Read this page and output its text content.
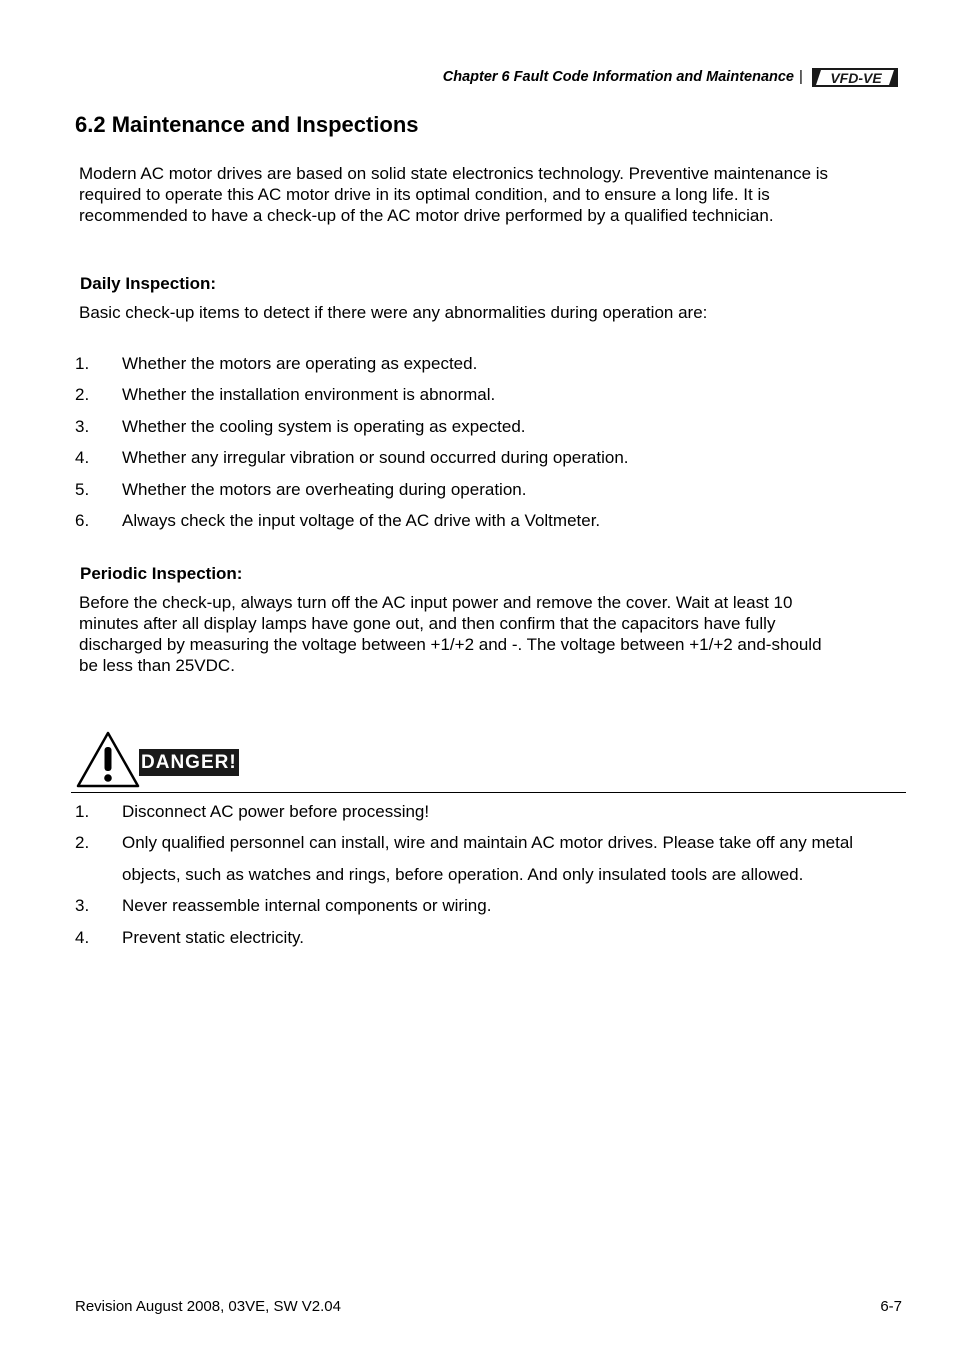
Chapter 6 Fault Code Information and Maintenance | VFD-VE
6.2 Maintenance and Inspections

Modern AC motor drives are based on solid state electronics technology. Preventive maintenance is
required to operate this AC motor drive in its optimal condition, and to ensure a long life. It is
recommended to have a check-up of the AC motor drive performed by a qualified technician.

Daily Inspection:

Basic check-up items to detect if there were any abnormalities during operation are:

1. Whether the motors are operating as expected.
2. Whether the installation environment is abnormal.
3. Whether the cooling system is operating as expected.
4. Whether any irregular vibration or sound occurred during operation.
5. Whether the motors are overheating during operation.
6. Always check the input voltage of the AC drive with a Voltmeter.
Periodic Inspection:

Before the check-up, always turn off the AC input power and remove the cover. Wait at least 10
minutes after all display lamps have gone out, and then confirm that the capacitors have fully
discharged by measuring the voltage between +1/+2 and -. The voltage between +1/+2 and-should
be less than 25VDC.

DANGER!
1. Disconnect AC power before processing!
2. Only qualified personnel can install, wire and maintain AC motor drives. Please take off any metal objects, such as watches and rings, before operation. And only insulated tools are allowed.
3. Never reassemble internal components or wiring.
4. Prevent static electricity.
Revision August 2008, 03VE, SW V2.04	6-7
